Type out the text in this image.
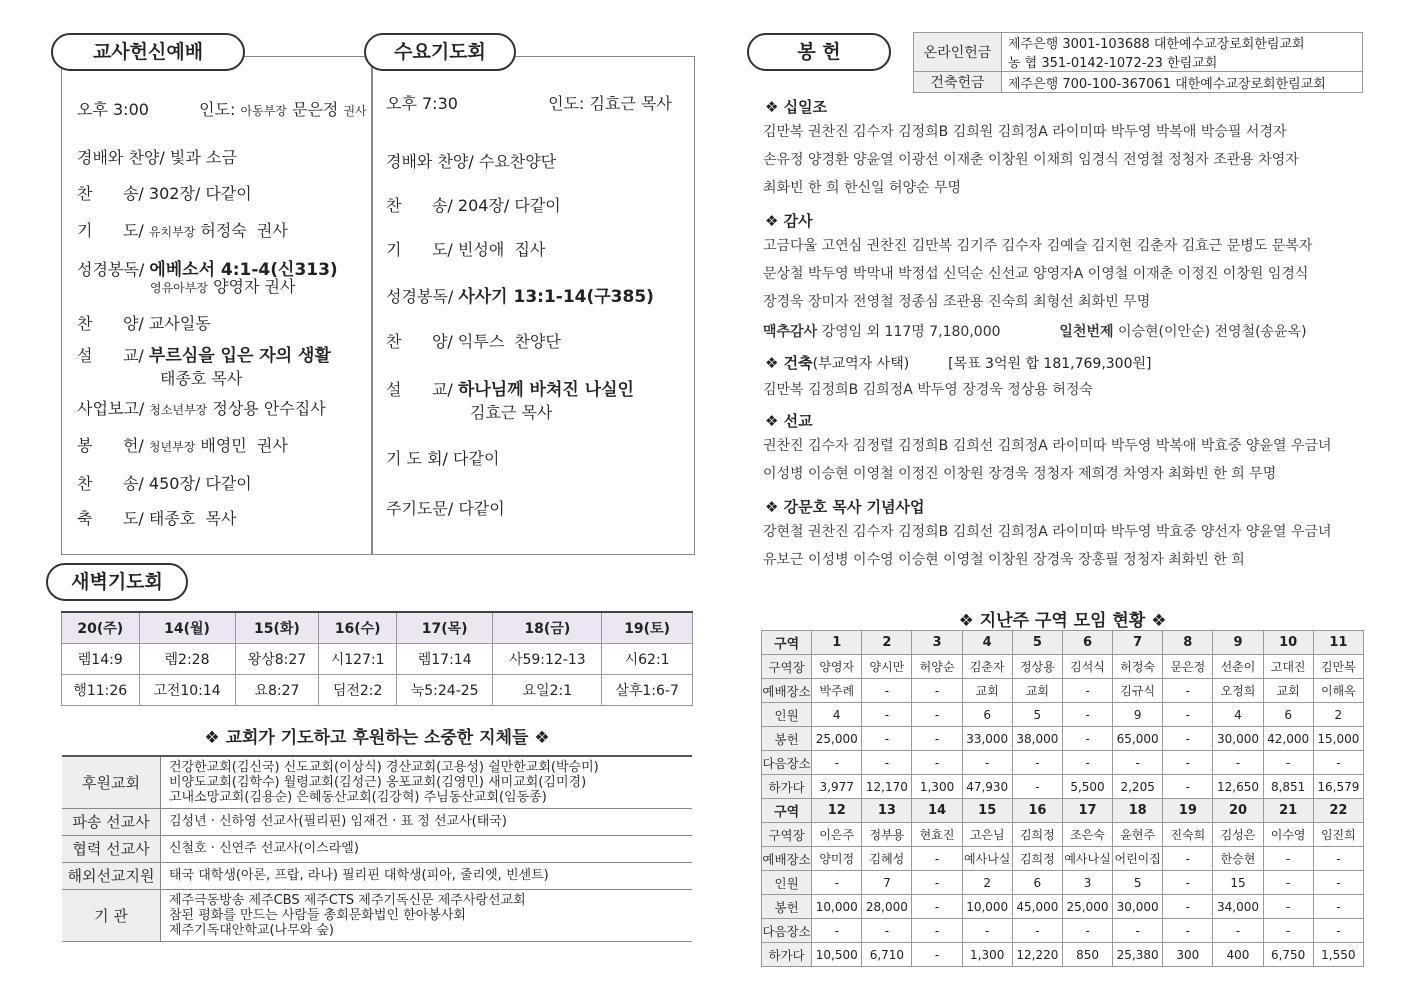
교사헌신예배	수요기도회
오후 3:00	인도: 아동부장 문은정 권사
경배와 찬양/ 빛과 소금
찬      송/ 302장/ 다같이
기      도/ 유치부장 허정숙  권사
성경봉독/ 에베소서 4:1-4(신313)
영유아부장 양영자 권사
찬      양/ 교사일동
설      교/ 부르심을 입은 자의 생활
태종호 목사
사업보고/ 청소년부장 정상용 안수집사
봉      헌/ 청년부장 배영민  권사
찬      송/ 450장/ 다같이
축      도/ 태종호  목사
오후 7:30	인도: 김효근 목사
경배와 찬양/ 수요찬양단
찬      송/ 204장/ 다같이
기      도/ 빈성애  집사
성경봉독/ 사사기 13:1-14(구385)
찬      양/ 익투스  찬양단
설      교/ 하나님께 바쳐진 나실인
김효근 목사
기 도 회/ 다같이
주기도문/ 다같이
새벽기도회
20(주)	14(월)	15(화)	16(수)	17(목)	18(금)	19(토)
렘14:9	렘2:28	왕상8:27	시127:1	렘17:14	사59:12-13	시62:1
행11:26	고전10:14	요8:27	딤전2:2	눅5:24-25	요일2:1	살후1:6-7
❖ 교회가 기도하고 후원하는 소중한 지체들 ❖
후원교회	건강한교회(김신국) 신도교회(이상식) 경산교회(고용성) 쉴만한교회(박승미)
비양도교회(김학수) 월령교회(김성근) 옹포교회(김영민) 새미교회(김미경)
고내소망교회(김용순) 은혜동산교회(김강혁) 주님동산교회(임동종)

파송 선교사	김성년 · 신하영 선교사(필리핀) 임재건 · 표 정 선교사(태국)

협력 선교사	신철호 · 신연주 선교사(이스라엘)

해외선교지원	태국 대학생(아론, 프랍, 라나) 필리핀 대학생(피아, 줄리엣, 빈센트)

기 관	제주극동방송 제주CBS 제주CTS 제주기독신문 제주사랑선교회
참된 평화를 만드는 사람들 총회문화법인 한아봉사회
제주기독대안학교(나무와 숲)
봉 헌	온라인헌금	제주은행 3001-103688 대한예수교장로회한림교회
농 협 351-0142-1072-23 한림교회

건축헌금	제주은행 700-100-367061 대한예수교장로회한림교회
❖ 십일조
김만복 권찬진 김수자 김정희B 김희원 김희정A 라이미따 박두영 박복애 박승필 서경자
손유정 양경환 양윤열 이광선 이재춘 이창원 이채희 임경식 전영철 정청자 조관용 차영자
최화빈 한 희 한신일 허양순 무명
❖ 감사
고금다울 고연심 권찬진 김만복 김기주 김수자 김예슬 김지현 김춘자 김효근 문병도 문복자
문상철 박두영 박막내 박정섭 신덕순 신선교 양영자A 이영철 이재춘 이정진 이창원 임경식
장경욱 장미자 전영철 정종심 조관용 진숙희 최형선 최화빈 무명
맥추감사 강영임 외 117명 7,180,000	일천번제 이승현(이안순) 전영철(송윤옥)
❖ 건축(부교역자 사택)	[목표 3억원 합 181,769,300원]
김만복 김정희B 김희정A 박두영 장경욱 정상용 허정숙
❖ 선교
권찬진 김수자 김정렬 김정희B 김희선 김희정A 라이미따 박두영 박복애 박효중 양윤열 우금녀
이성병 이승현 이영철 이정진 이창원 장경욱 정청자 제희경 차영자 최화빈 한 희 무명
❖ 강문호 목사 기념사업
강현철 권찬진 김수자 김정희B 김희선 김희정A 라이미따 박두영 박효중 양선자 양윤열 우금녀
유보근 이성병 이수영 이승현 이영철 이창원 장경욱 장홍필 정청자 최화빈 한 희
❖ 지난주 구역 모임 현황 ❖
구역	1	2	3	4	5	6	7	8	9	10	11
구역장	양영자	양시만	허양순	김춘자	정상용	김석식	허정숙	문은정	선춘이	고대진	김만복
예배장소	박주례	-	-	교회	교회	-	김규식	-	오정희	교회	이해옥
인원	4	-	-	6	5	-	9	-	4	6	2
봉헌	25,000	-	-	33,000	38,000	-	65,000	-	30,000	42,000	15,000
다음장소	-	-	-	-	-	-	-	-	-	-	-
하가다	3,977	12,170	1,300	47,930	-	5,500	2,205	-	12,650	8,851	16,579
구역	12	13	14	15	16	17	18	19	20	21	22
구역장	이은주	정부용	현효진	고은님	김희정	조은숙	윤현주	진숙희	김성은	이수영	임진희
예배장소	양미정	김혜성	-	예사나실	김희정	예사나실	어린이집	-	한승현	-	-
인원	-	7	-	2	6	3	5	-	15	-	-
봉헌	10,000	28,000	-	10,000	45,000	25,000	30,000	-	34,000	-	-
다음장소	-	-	-	-	-	-	-	-	-	-	-
하가다	10,500	6,710	-	1,300	12,220	850	25,380	300	400	6,750	1,550
